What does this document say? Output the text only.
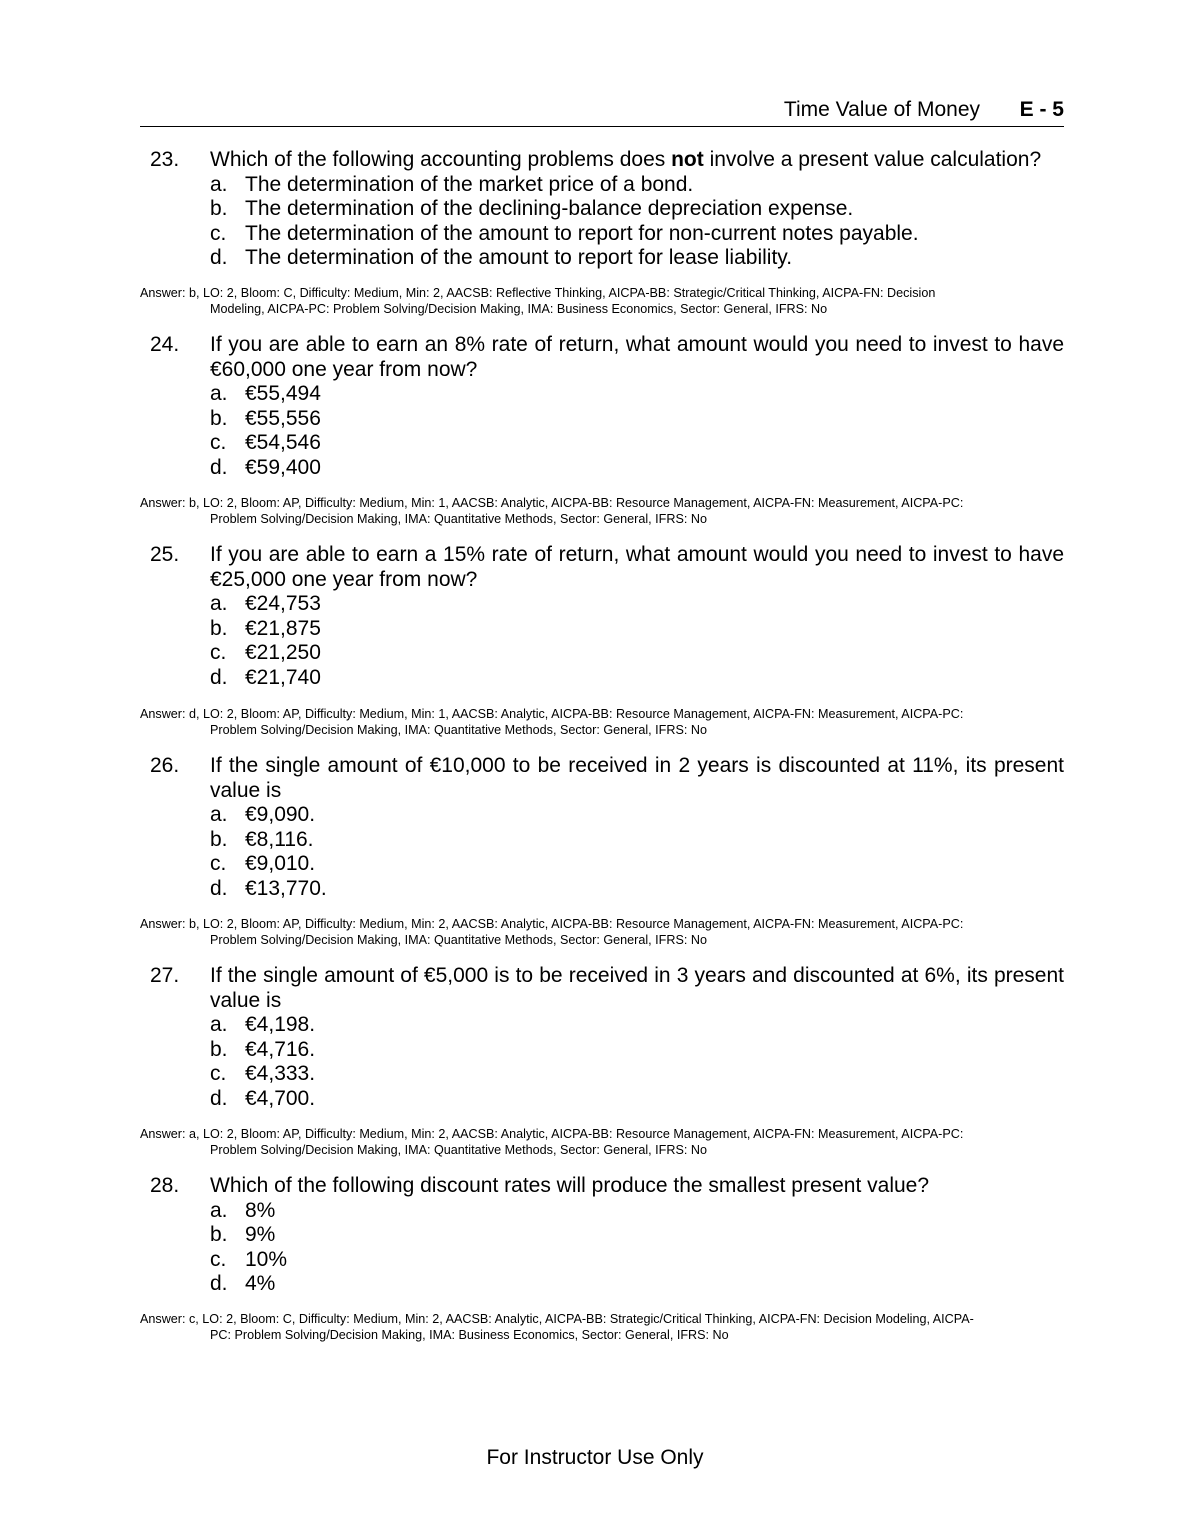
Time Value of Money E - 5
23. Which of the following accounting problems does not involve a present value calculation?
a. The determination of the market price of a bond.
b. The determination of the declining-balance depreciation expense.
c. The determination of the amount to report for non-current notes payable.
d. The determination of the amount to report for lease liability.
Answer: b, LO: 2, Bloom: C, Difficulty: Medium, Min: 2, AACSB: Reflective Thinking, AICPA-BB: Strategic/Critical Thinking, AICPA-FN: Decision
Modeling, AICPA-PC: Problem Solving/Decision Making, IMA: Business Economics, Sector: General, IFRS: No
24. If you are able to earn an 8% rate of return, what amount would you need to invest to have €60,000 one year from now?
a. €55,494
b. €55,556
c. €54,546
d. €59,400
Answer: b, LO: 2, Bloom: AP, Difficulty: Medium, Min: 1, AACSB: Analytic, AICPA-BB: Resource Management, AICPA-FN: Measurement, AICPA-PC:
Problem Solving/Decision Making, IMA: Quantitative Methods, Sector: General, IFRS: No
25. If you are able to earn a 15% rate of return, what amount would you need to invest to have €25,000 one year from now?
a. €24,753
b. €21,875
c. €21,250
d. €21,740
Answer: d, LO: 2, Bloom: AP, Difficulty: Medium, Min: 1, AACSB: Analytic, AICPA-BB: Resource Management, AICPA-FN: Measurement, AICPA-PC:
Problem Solving/Decision Making, IMA: Quantitative Methods, Sector: General, IFRS: No
26. If the single amount of €10,000 to be received in 2 years is discounted at 11%, its present value is
a. €9,090.
b. €8,116.
c. €9,010.
d. €13,770.
Answer: b, LO: 2, Bloom: AP, Difficulty: Medium, Min: 2, AACSB: Analytic, AICPA-BB: Resource Management, AICPA-FN: Measurement, AICPA-PC:
Problem Solving/Decision Making, IMA: Quantitative Methods, Sector: General, IFRS: No
27. If the single amount of €5,000 is to be received in 3 years and discounted at 6%, its present value is
a. €4,198.
b. €4,716.
c. €4,333.
d. €4,700.
Answer: a, LO: 2, Bloom: AP, Difficulty: Medium, Min: 2, AACSB: Analytic, AICPA-BB: Resource Management, AICPA-FN: Measurement, AICPA-PC:
Problem Solving/Decision Making, IMA: Quantitative Methods, Sector: General, IFRS: No
28. Which of the following discount rates will produce the smallest present value?
a. 8%
b. 9%
c. 10%
d. 4%
Answer: c, LO: 2, Bloom: C, Difficulty: Medium, Min: 2, AACSB: Analytic, AICPA-BB: Strategic/Critical Thinking, AICPA-FN: Decision Modeling, AICPA-
PC: Problem Solving/Decision Making, IMA: Business Economics, Sector: General, IFRS: No
For Instructor Use Only
